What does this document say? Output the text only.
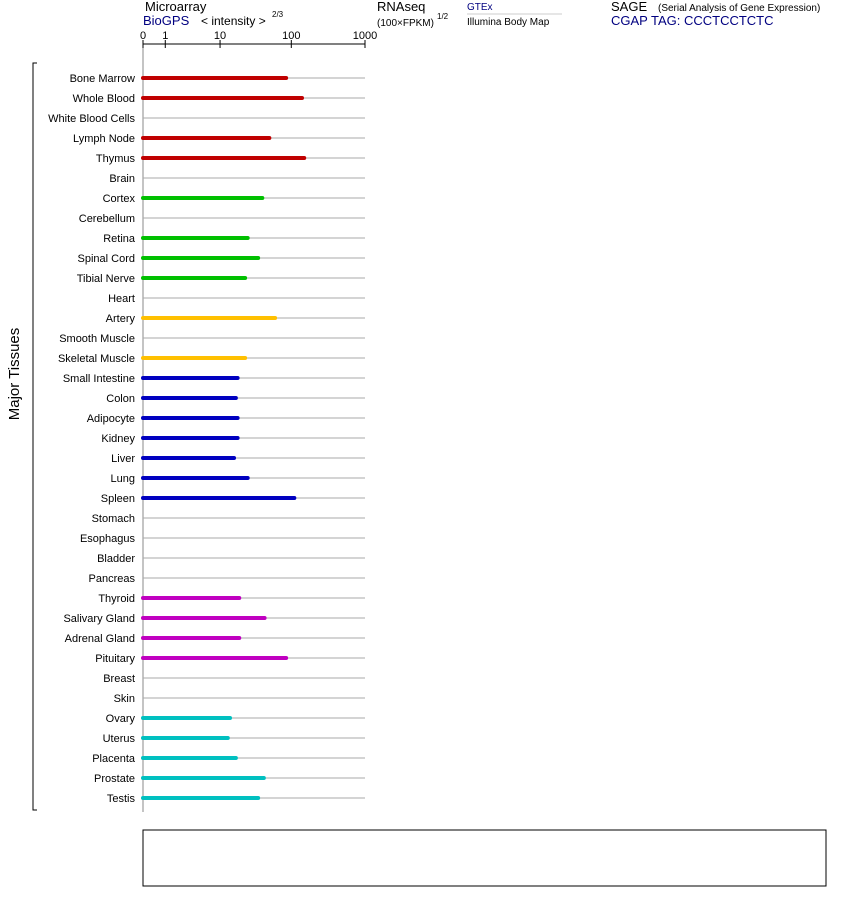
Microarray
BioGPS < intensity > 2/3
RNAseq
(100×FPKM)
1/2
GTEx
Illumina Body Map
SAGE (Serial Analysis of Gene Expression)
CGAP TAG: CCCTCCTCTC
Major Tissues
Bone Marrow
Whole Blood
White Blood Cells
Lymph Node
Thymus
Brain
Cortex
Cerebellum
Retina
Spinal Cord
Tibial Nerve
Heart
Artery
Smooth Muscle
Skeletal Muscle
Small Intestine
Colon
Adipocyte
Kidney
Liver
Lung
Spleen
Stomach
Esophagus
Bladder
Pancreas
Thyroid
Salivary Gland
Adrenal Gland
Pituitary
Breast
Skin
Ovary
Uterus
Placenta
Prostate
Testis
0 1	10	100	1000
